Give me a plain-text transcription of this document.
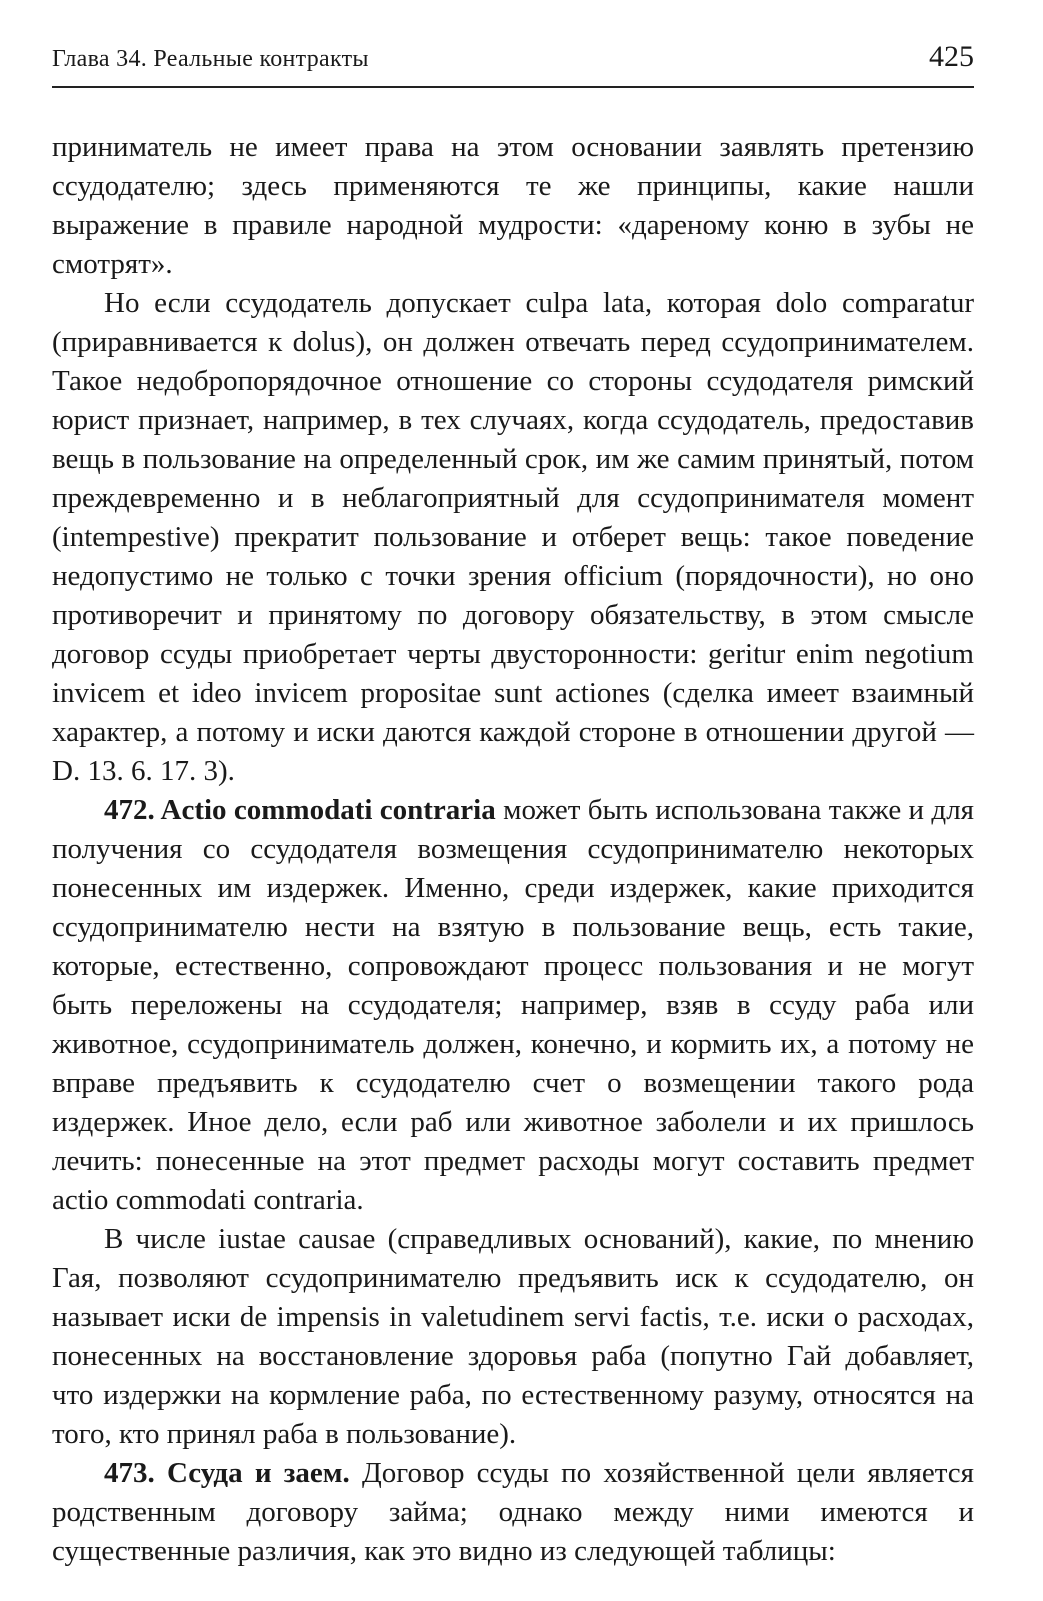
Глава 34. Реальные контракты	425

приниматель не имеет права на этом основании заявлять претензию ссудодателю; здесь применяются те же принципы, какие нашли выражение в правиле народной мудрости: «дареному коню в зубы не смотрят».

Но если ссудодатель допускает culpa lata, которая dolo comparatur (приравнивается к dolus), он должен отвечать перед ссудопринимателем. Такое недобропорядочное отношение со стороны ссудодателя римский юрист признает, например, в тех случаях, когда ссудодатель, предоставив вещь в пользование на определенный срок, им же самим принятый, потом преждевременно и в неблагоприятный для ссудопринимателя момент (intempestive) прекратит пользование и отберет вещь: такое поведение недопустимо не только с точки зрения officium (порядочности), но оно противоречит и принятому по договору обязательству, в этом смысле договор ссуды приобретает черты двусторонности: geritur enim negotium invicem et ideo invicem propositae sunt actiones (сделка имеет взаимный характер, а потому и иски даются каждой стороне в отношении другой — D. 13. 6. 17. 3).

472. Actio commodati contraria может быть использована также и для получения со ссудодателя возмещения ссудопринимателю некоторых понесенных им издержек. Именно, среди издержек, какие приходится ссудопринимателю нести на взятую в пользование вещь, есть такие, которые, естественно, сопровождают процесс пользования и не могут быть переложены на ссудодателя; например, взяв в ссуду раба или животное, ссудоприниматель должен, конечно, и кормить их, а потому не вправе предъявить к ссудодателю счет о возмещении такого рода издержек. Иное дело, если раб или животное заболели и их пришлось лечить: понесенные на этот предмет расходы могут составить предмет actio commodati contraria.

В числе iustae causae (справедливых оснований), какие, по мнению Гая, позволяют ссудопринимателю предъявить иск к ссудодателю, он называет иски de impensis in valetudinem servi factis, т.е. иски о расходах, понесенных на восстановление здоровья раба (попутно Гай добавляет, что издержки на кормление раба, по естественному разуму, относятся на того, кто принял раба в пользование).

473. Ссуда и заем. Договор ссуды по хозяйственной цели является родственным договору займа; однако между ними имеются и существенные различия, как это видно из следующей таблицы:
